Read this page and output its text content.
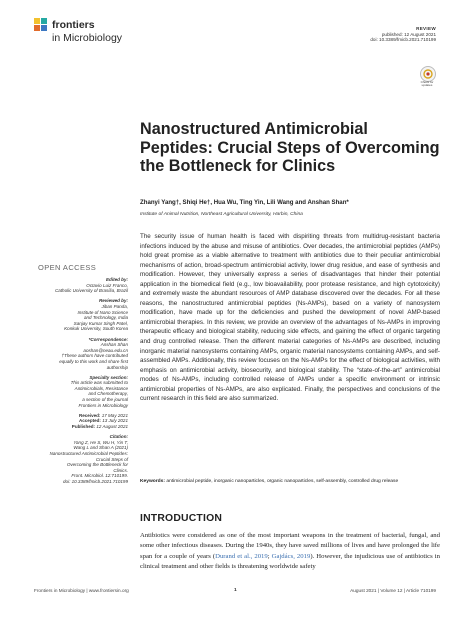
frontiers
in Microbiology
REVIEW
published: 12 August 2021
doi: 10.3389/fmicb.2021.710199
Check for
updates
Nanostructured Antimicrobial Peptides: Crucial Steps of Overcoming the Bottleneck for Clinics
Zhanyi Yang†, Shiqi He†, Hua Wu, Ting Yin, Lili Wang and Anshan Shan*
Institute of Animal Nutrition, Northeast Agricultural University, Harbin, China

The security issue of human health is faced with dispiriting threats from multidrug-resistant bacteria infections induced by the abuse and misuse of antibiotics. Over decades, the antimicrobial peptides (AMPs) hold great promise as a viable alternative to treatment with antibiotics due to their peculiar antimicrobial mechanisms of action, broad-spectrum antimicrobial activity, lower drug residue, and ease of synthesis and modification. However, they universally express a series of disadvantages that hinder their potential application in the biomedical field (e.g., low bioavailability, poor protease resistance, and high cytotoxicity) and extremely waste the abundant resources of AMP database discovered over the decades. For all these reasons, the nanostructured antimicrobial peptides (Ns-AMPs), based on a variety of nanosystem modification, have made up for the deficiencies and pushed the development of novel AMP-based antimicrobial therapies. In this review, we provide an overview of the advantages of Ns-AMPs in improving therapeutic efficacy and biological stability, reducing side effects, and gaining the effect of organic targeting and drug controlled release. Then the different material categories of Ns-AMPs are described, including inorganic material nanosystems containing AMPs, organic material nanosystems containing AMPs, and self-assembled AMPs. Additionally, this review focuses on the Ns-AMPs for the effect of biological activities, with emphasis on antimicrobial activity, biosecurity, and biological stability. The “state-of-the-art” antimicrobial modes of Ns-AMPs, including controlled release of AMPs under a specific environment or intrinsic antimicrobial properties of Ns-AMPs, are also explicated. Finally, the perspectives and conclusions of the current research in this field are also summarized.

Keywords: antimicrobial peptide, inorganic nanoparticles, organic nanoparticles, self-assembly, controlled drug release
OPEN ACCESS
Edited by:
Octavio Luiz Franco,
Catholic University of Brasília, Brazil
Reviewed by:
Jiban Panda,
Institute of Nano Science
and Technology, India
Sanjay Kumar Singh Patel,
Konkuk University, South Korea
*Correspondence:
Anshan Shan
aoshan@neau.edu.cn
†These authors have contributed
equally to this work and share first
authorship
Specialty section:
This article was submitted to
Antimicrobials, Resistance
and Chemotherapy,
a section of the journal
Frontiers in Microbiology
Received: 17 May 2021
Accepted: 13 July 2021
Published: 12 August 2021
Citation:
Yang Z, He S, Wu H, Yin T,
Wang L and Shan A (2021)
Nanostructured Antimicrobial Peptides: Crucial Steps of
Overcoming the Bottleneck for
Clinics.
Front. Microbiol. 12:710199.
doi: 10.3389/fmicb.2021.710199
INTRODUCTION

Antibiotics were considered as one of the most important weapons in the treatment of bacterial, fungal, and some other infectious diseases. During the 1940s, they have saved millions of lives and have prolonged the life span for a couple of years (Durand et al., 2019; Gajdács, 2019). However, the injudicious use of antibiotics in clinical treatment and other fields is threatening worldwide safety

Frontiers in Microbiology | www.frontiersin.org	1	August 2021 | Volume 12 | Article 710199
